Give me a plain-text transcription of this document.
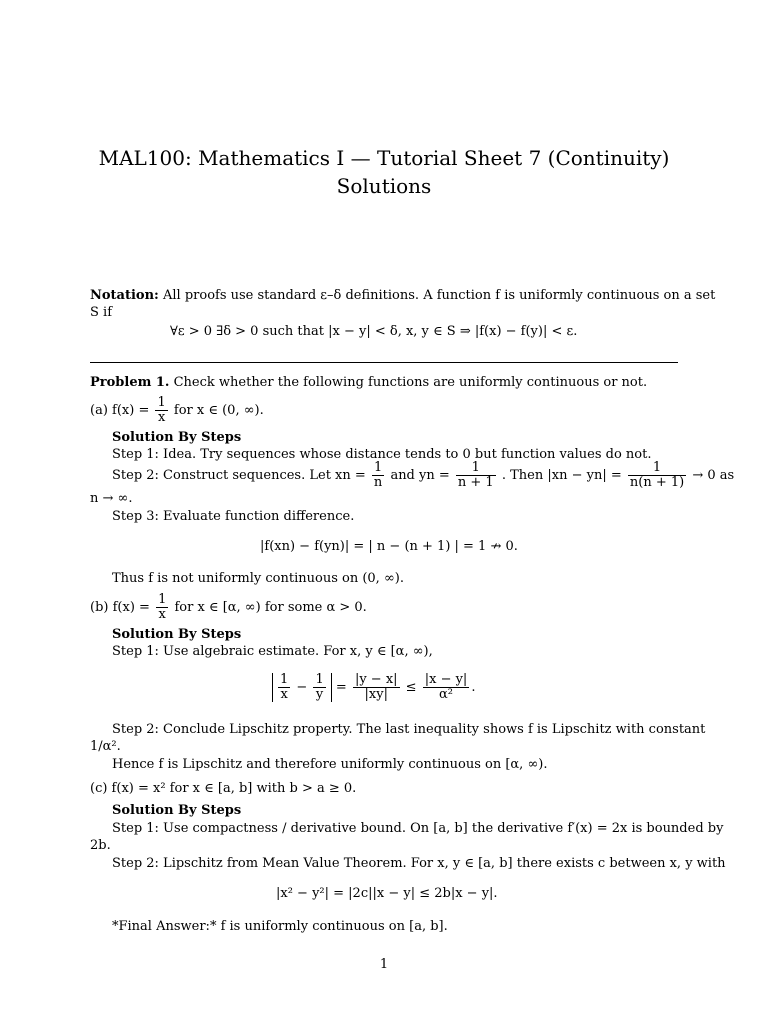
MAL100: Mathematics I — Tutorial Sheet 7 (Continuity)
Solutions
Notation: All proofs use standard ε–δ definitions. A function f is uniformly continuous on a set
S if
∀ε > 0 ∃δ > 0 such that |x − y| < δ, x, y ∈ S ⇒ |f(x) − f(y)| < ε.
Problem 1. Check whether the following functions are uniformly continuous or not.
(a) $f(x) = \frac{1}{x}$ for x ∈ (0, ∞).
Solution By Steps
Step 1: Idea. Try sequences whose distance tends to 0 but function values do not.
Step 2: Construct sequences. Let xn = $\frac{1}{n}$ and yn = $\frac{1}{n + 1}$ . Then $|xn - yn| = \frac{1}{n(n + 1)} \to 0$ as
n → ∞.
Step 3: Evaluate function difference.
|f(xn) − f(yn)| = | n − (n + 1) | = 1 ↛ 0.
Thus f is not uniformly continuous on (0, ∞).
(b) $f(x) = \frac{1}{x}$ for x ∈ [α, ∞) for some α > 0.
Solution By Steps
Step 1: Use algebraic estimate. For x, y ∈ [α, ∞),
$\frac{1}{x} - \frac{1}{y} = \frac{|y - x|}{|xy|} \le \frac{|x - y|}{\text{α²}}$ .
Step 2: Conclude Lipschitz property. The last inequality shows f is Lipschitz with constant
1/α².
Hence f is Lipschitz and therefore uniformly continuous on [α, ∞).
(c) f(x) = x² for x ∈ [a, b] with b > a ≥ 0.
Solution By Steps
Step 1: Use compactness / derivative bound. On [a, b] the derivative f′(x) = 2x is bounded by
2b.
Step 2: Lipschitz from Mean Value Theorem. For x, y ∈ [a, b] there exists c between x, y with
|x² − y²| = |2c||x − y| ≤ 2b|x − y|.
*Final Answer:* f is uniformly continuous on [a, b].
1
